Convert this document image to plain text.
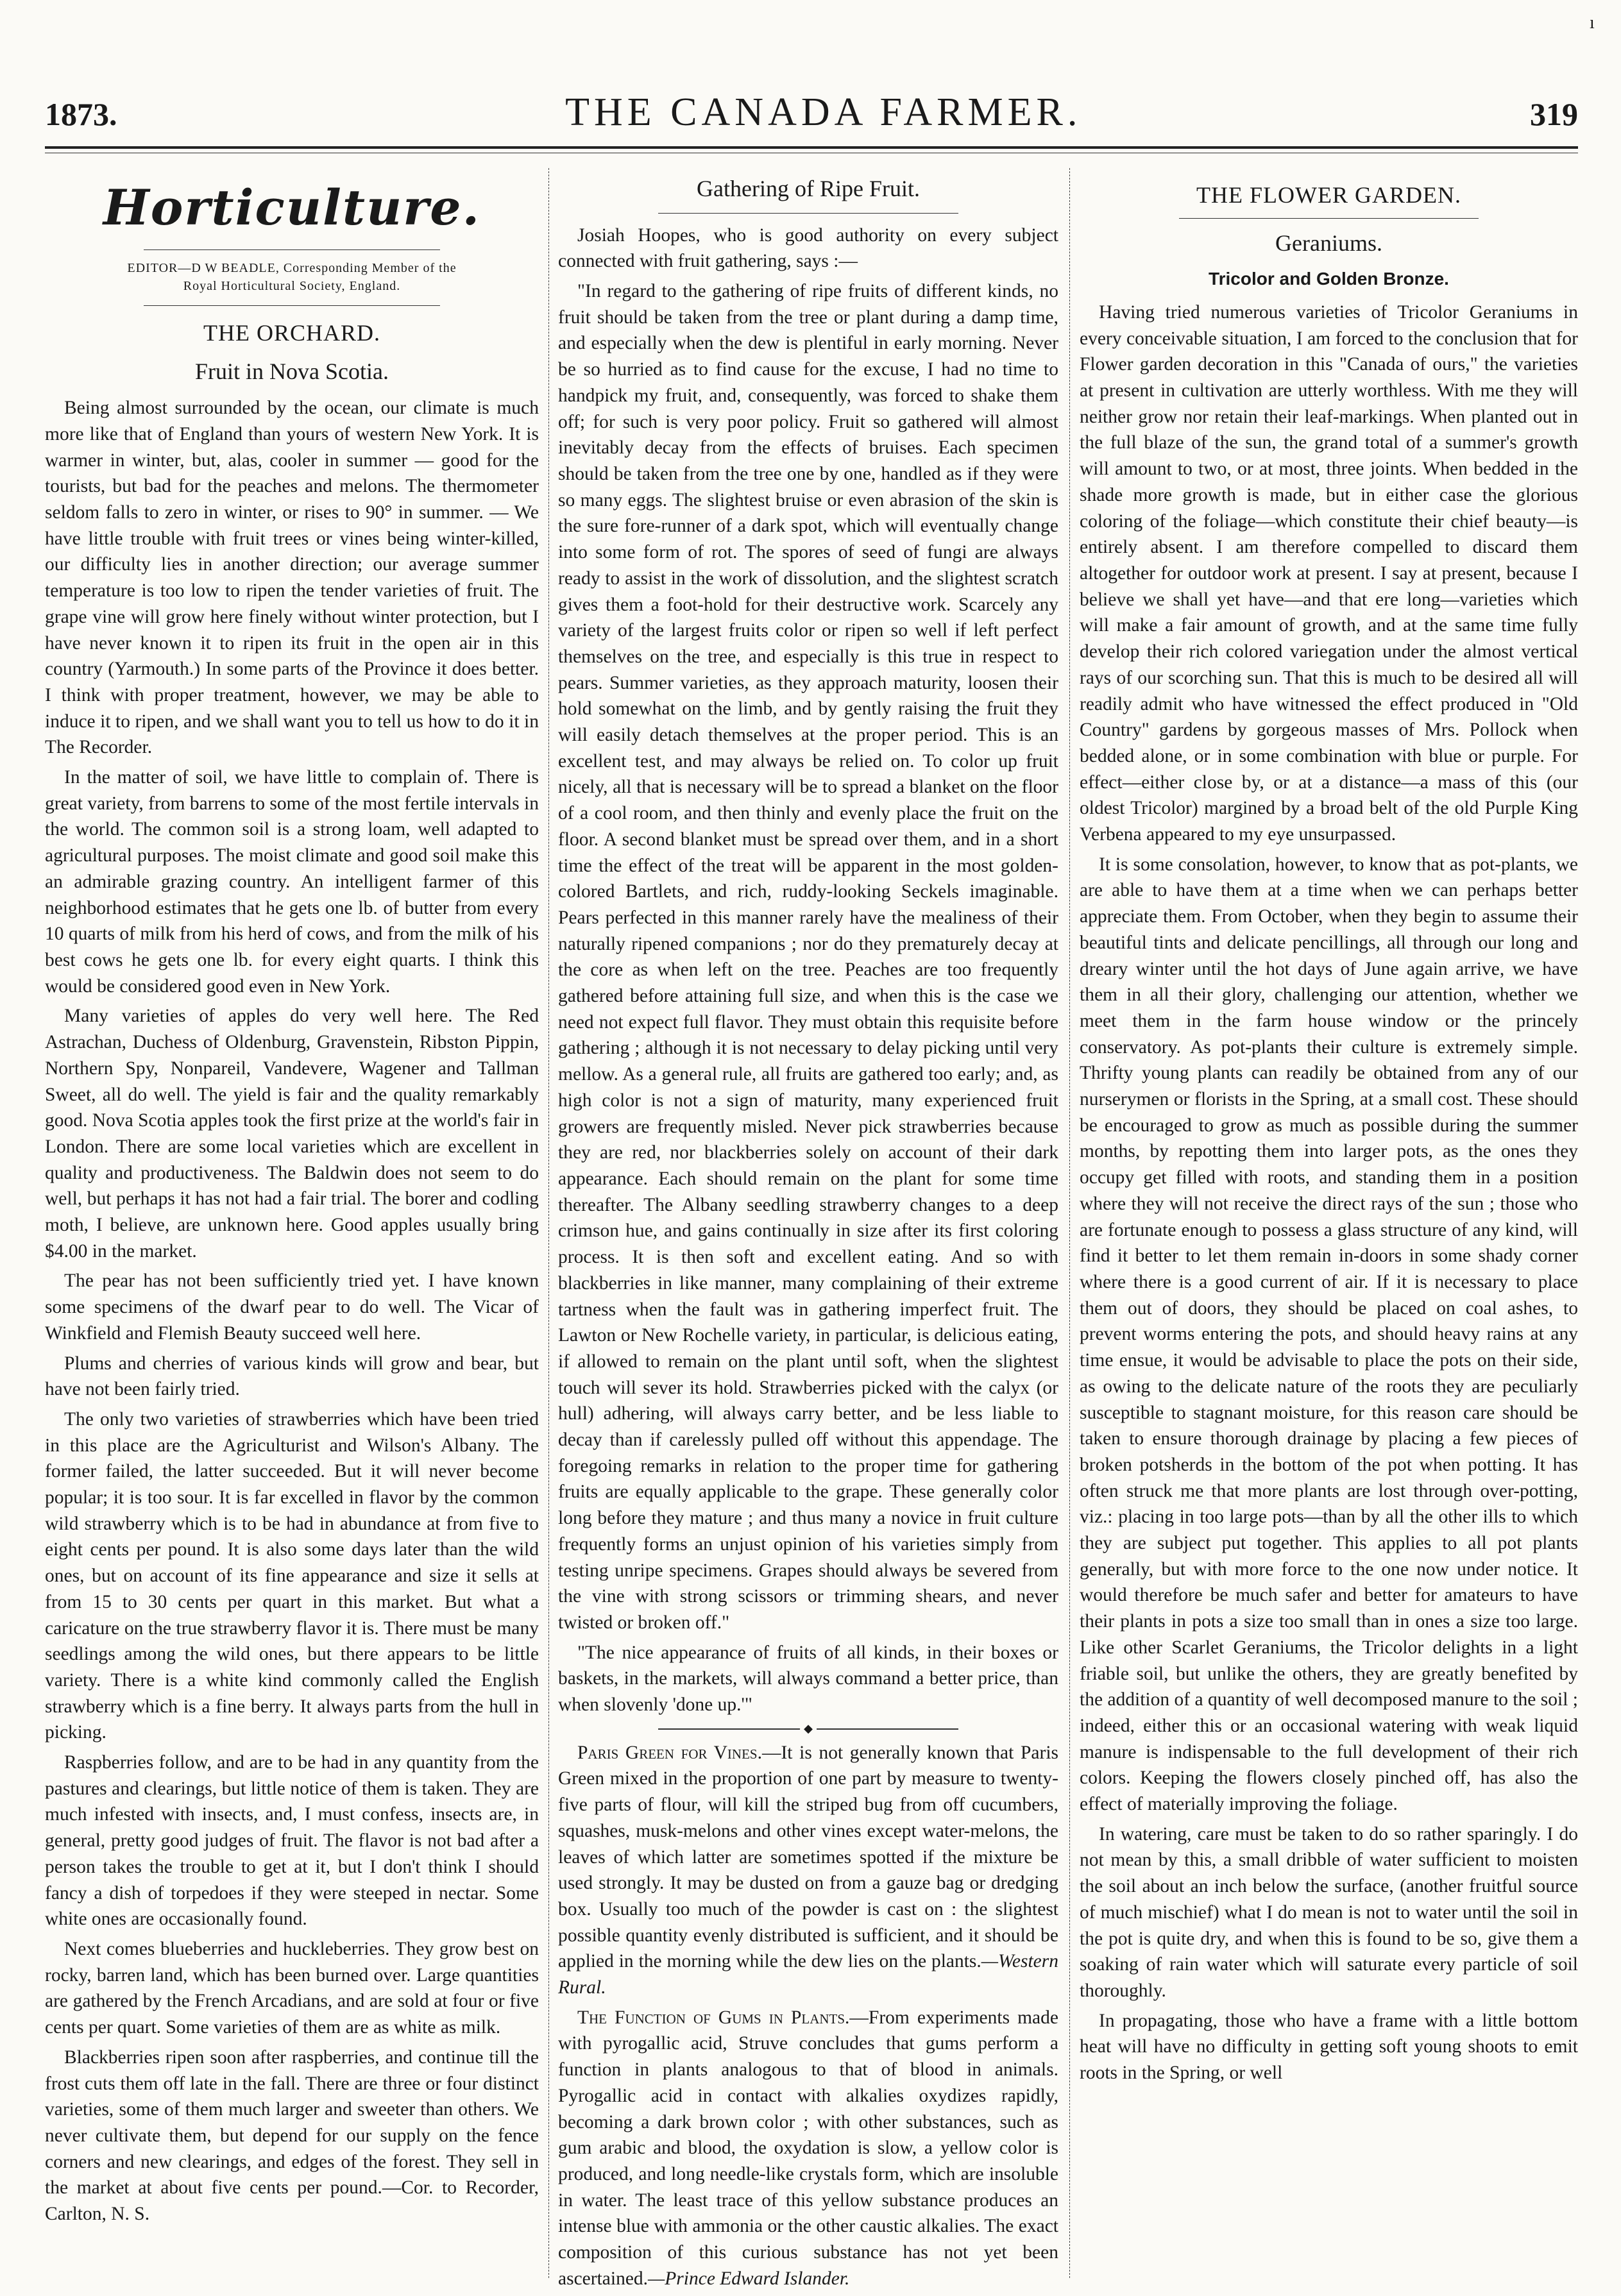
ı
1873.	THE CANADA FARMER.	319
Horticulture.
EDITOR—D W BEADLE, Corresponding Member of the
Royal Horticultural Society, England.
THE ORCHARD.
Fruit in Nova Scotia.

Being almost surrounded by the ocean, our climate is much more like that of England than yours of western New York. It is warmer in winter, but, alas, cooler in summer — good for the tourists, but bad for the peaches and melons. The thermometer seldom falls to zero in winter, or rises to 90° in summer. — We have little trouble with fruit trees or vines being winter-killed, our difficulty lies in another direction; our average summer temperature is too low to ripen the tender varieties of fruit. The grape vine will grow here finely without winter protection, but I have never known it to ripen its fruit in the open air in this country (Yarmouth.) In some parts of the Province it does better. I think with proper treatment, however, we may be able to induce it to ripen, and we shall want you to tell us how to do it in The Recorder.

In the matter of soil, we have little to complain of. There is great variety, from barrens to some of the most fertile intervals in the world. The common soil is a strong loam, well adapted to agricultural purposes. The moist climate and good soil make this an admirable grazing country. An intelligent farmer of this neighborhood estimates that he gets one lb. of butter from every 10 quarts of milk from his herd of cows, and from the milk of his best cows he gets one lb. for every eight quarts. I think this would be considered good even in New York.

Many varieties of apples do very well here. The Red Astrachan, Duchess of Oldenburg, Gravenstein, Ribston Pippin, Northern Spy, Nonpareil, Vandevere, Wagener and Tallman Sweet, all do well. The yield is fair and the quality remarkably good. Nova Scotia apples took the first prize at the world's fair in London. There are some local varieties which are excellent in quality and productiveness. The Baldwin does not seem to do well, but perhaps it has not had a fair trial. The borer and codling moth, I believe, are unknown here. Good apples usually bring $4.00 in the market.

The pear has not been sufficiently tried yet. I have known some specimens of the dwarf pear to do well. The Vicar of Winkfield and Flemish Beauty succeed well here.

Plums and cherries of various kinds will grow and bear, but have not been fairly tried.

The only two varieties of strawberries which have been tried in this place are the Agriculturist and Wilson's Albany. The former failed, the latter succeeded. But it will never become popular; it is too sour. It is far excelled in flavor by the common wild strawberry which is to be had in abundance at from five to eight cents per pound. It is also some days later than the wild ones, but on account of its fine appearance and size it sells at from 15 to 30 cents per quart in this market. But what a caricature on the true strawberry flavor it is. There must be many seedlings among the wild ones, but there appears to be little variety. There is a white kind commonly called the English strawberry which is a fine berry. It always parts from the hull in picking.

Raspberries follow, and are to be had in any quantity from the pastures and clearings, but little notice of them is taken. They are much infested with insects, and, I must confess, insects are, in general, pretty good judges of fruit. The flavor is not bad after a person takes the trouble to get at it, but I don't think I should fancy a dish of torpedoes if they were steeped in nectar. Some white ones are occasionally found.

Next comes blueberries and huckleberries. They grow best on rocky, barren land, which has been burned over. Large quantities are gathered by the French Arcadians, and are sold at four or five cents per quart. Some varieties of them are as white as milk.

Blackberries ripen soon after raspberries, and continue till the frost cuts them off late in the fall. There are three or four distinct varieties, some of them much larger and sweeter than others. We never cultivate them, but depend for our supply on the fence corners and new clearings, and edges of the forest. They sell in the market at about five cents per pound.—Cor. to Recorder, Carlton, N. S.

Gathering of Ripe Fruit.

Josiah Hoopes, who is good authority on every subject connected with fruit gathering, says :—

"In regard to the gathering of ripe fruits of different kinds, no fruit should be taken from the tree or plant during a damp time, and especially when the dew is plentiful in early morning. Never be so hurried as to find cause for the excuse, I had no time to handpick my fruit, and, consequently, was forced to shake them off; for such is very poor policy. Fruit so gathered will almost inevitably decay from the effects of bruises. Each specimen should be taken from the tree one by one, handled as if they were so many eggs. The slightest bruise or even abrasion of the skin is the sure fore-runner of a dark spot, which will eventually change into some form of rot. The spores of seed of fungi are always ready to assist in the work of dissolution, and the slightest scratch gives them a foot-hold for their destructive work. Scarcely any variety of the largest fruits color or ripen so well if left perfect themselves on the tree, and especially is this true in respect to pears. Summer varieties, as they approach maturity, loosen their hold somewhat on the limb, and by gently raising the fruit they will easily detach themselves at the proper period. This is an excellent test, and may always be relied on. To color up fruit nicely, all that is necessary will be to spread a blanket on the floor of a cool room, and then thinly and evenly place the fruit on the floor. A second blanket must be spread over them, and in a short time the effect of the treat will be apparent in the most golden-colored Bartlets, and rich, ruddy-looking Seckels imaginable. Pears perfected in this manner rarely have the mealiness of their naturally ripened companions ; nor do they prematurely decay at the core as when left on the tree. Peaches are too frequently gathered before attaining full size, and when this is the case we need not expect full flavor. They must obtain this requisite before gathering ; although it is not necessary to delay picking until very mellow. As a general rule, all fruits are gathered too early; and, as high color is not a sign of maturity, many experienced fruit growers are frequently misled. Never pick strawberries because they are red, nor blackberries solely on account of their dark appearance. Each should remain on the plant for some time thereafter. The Albany seedling strawberry changes to a deep crimson hue, and gains continually in size after its first coloring process. It is then soft and excellent eating. And so with blackberries in like manner, many complaining of their extreme tartness when the fault was in gathering imperfect fruit. The Lawton or New Rochelle variety, in particular, is delicious eating, if allowed to remain on the plant until soft, when the slightest touch will sever its hold. Strawberries picked with the calyx (or hull) adhering, will always carry better, and be less liable to decay than if carelessly pulled off without this appendage. The foregoing remarks in relation to the proper time for gathering fruits are equally applicable to the grape. These generally color long before they mature ; and thus many a novice in fruit culture frequently forms an unjust opinion of his varieties simply from testing unripe specimens. Grapes should always be severed from the vine with strong scissors or trimming shears, and never twisted or broken off."

"The nice appearance of fruits of all kinds, in their boxes or baskets, in the markets, will always command a better price, than when slovenly 'done up.'"

◆

Paris Green for Vines.—It is not generally known that Paris Green mixed in the proportion of one part by measure to twenty-five parts of flour, will kill the striped bug from off cucumbers, squashes, musk-melons and other vines except water-melons, the leaves of which latter are sometimes spotted if the mixture be used strongly. It may be dusted on from a gauze bag or dredging box. Usually too much of the powder is cast on : the slightest possible quantity evenly distributed is sufficient, and it should be applied in the morning while the dew lies on the plants.—Western Rural.

The Function of Gums in Plants.—From experiments made with pyrogallic acid, Struve concludes that gums perform a function in plants analogous to that of blood in animals. Pyrogallic acid in contact with alkalies oxydizes rapidly, becoming a dark brown color ; with other substances, such as gum arabic and blood, the oxydation is slow, a yellow color is produced, and long needle-like crystals form, which are insoluble in water. The least trace of this yellow substance produces an intense blue with ammonia or the other caustic alkalies. The exact composition of this curious substance has not yet been ascertained.—Prince Edward Islander.

THE FLOWER GARDEN.
Geraniums.
Tricolor and Golden Bronze.

Having tried numerous varieties of Tricolor Geraniums in every conceivable situation, I am forced to the conclusion that for Flower garden decoration in this "Canada of ours," the varieties at present in cultivation are utterly worthless. With me they will neither grow nor retain their leaf-markings. When planted out in the full blaze of the sun, the grand total of a summer's growth will amount to two, or at most, three joints. When bedded in the shade more growth is made, but in either case the glorious coloring of the foliage—which constitute their chief beauty—is entirely absent. I am therefore compelled to discard them altogether for outdoor work at present. I say at present, because I believe we shall yet have—and that ere long—varieties which will make a fair amount of growth, and at the same time fully develop their rich colored variegation under the almost vertical rays of our scorching sun. That this is much to be desired all will readily admit who have witnessed the effect produced in "Old Country" gardens by gorgeous masses of Mrs. Pollock when bedded alone, or in some combination with blue or purple. For effect—either close by, or at a distance—a mass of this (our oldest Tricolor) margined by a broad belt of the old Purple King Verbena appeared to my eye unsurpassed.

It is some consolation, however, to know that as pot-plants, we are able to have them at a time when we can perhaps better appreciate them. From October, when they begin to assume their beautiful tints and delicate pencillings, all through our long and dreary winter until the hot days of June again arrive, we have them in all their glory, challenging our attention, whether we meet them in the farm house window or the princely conservatory. As pot-plants their culture is extremely simple. Thrifty young plants can readily be obtained from any of our nurserymen or florists in the Spring, at a small cost. These should be encouraged to grow as much as possible during the summer months, by repotting them into larger pots, as the ones they occupy get filled with roots, and standing them in a position where they will not receive the direct rays of the sun ; those who are fortunate enough to possess a glass structure of any kind, will find it better to let them remain in-doors in some shady corner where there is a good current of air. If it is necessary to place them out of doors, they should be placed on coal ashes, to prevent worms entering the pots, and should heavy rains at any time ensue, it would be advisable to place the pots on their side, as owing to the delicate nature of the roots they are peculiarly susceptible to stagnant moisture, for this reason care should be taken to ensure thorough drainage by placing a few pieces of broken potsherds in the bottom of the pot when potting. It has often struck me that more plants are lost through over-potting, viz.: placing in too large pots—than by all the other ills to which they are subject put together. This applies to all pot plants generally, but with more force to the one now under notice. It would therefore be much safer and better for amateurs to have their plants in pots a size too small than in ones a size too large. Like other Scarlet Geraniums, the Tricolor delights in a light friable soil, but unlike the others, they are greatly benefited by the addition of a quantity of well decomposed manure to the soil ; indeed, either this or an occasional watering with weak liquid manure is indispensable to the full development of their rich colors. Keeping the flowers closely pinched off, has also the effect of materially improving the foliage.

In watering, care must be taken to do so rather sparingly. I do not mean by this, a small dribble of water sufficient to moisten the soil about an inch below the surface, (another fruitful source of much mischief) what I do mean is not to water until the soil in the pot is quite dry, and when this is found to be so, give them a soaking of rain water which will saturate every particle of soil thoroughly.

In propagating, those who have a frame with a little bottom heat will have no difficulty in getting soft young shoots to emit roots in the Spring, or well
